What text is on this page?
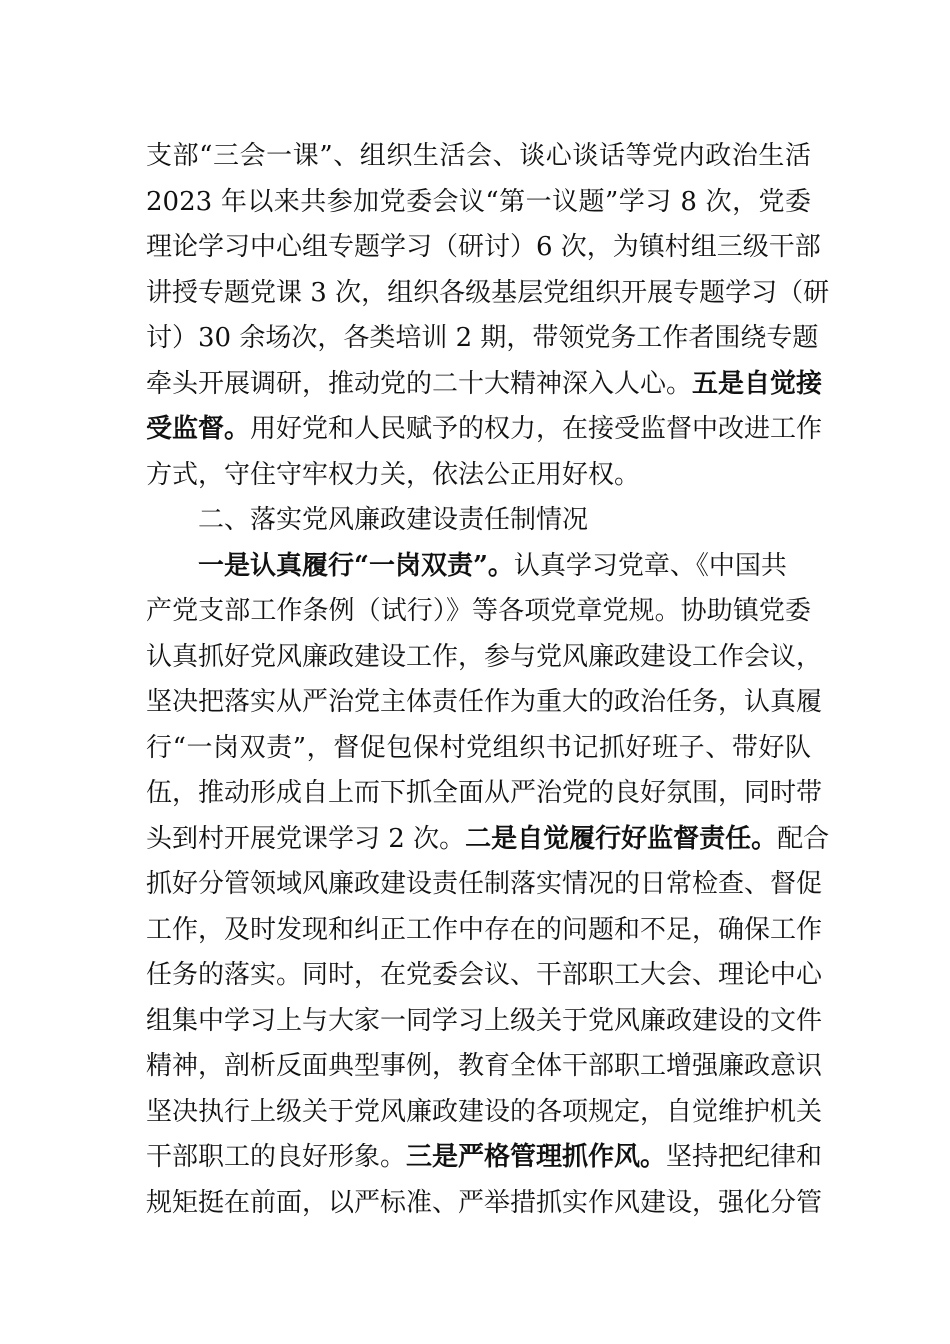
支部“三会一课”、组织生活会、谈心谈话等党内政治生活
2023 年以来共参加党委会议“第一议题”学习 8 次，党委
理论学习中心组专题学习（研讨）6 次，为镇村组三级干部
讲授专题党课 3 次，组织各级基层党组织开展专题学习（研
讨）30 余场次，各类培训 2 期，带领党务工作者围绕专题
牵头开展调研，推动党的二十大精神深入人心。五是自觉接
受监督。用好党和人民赋予的权力，在接受监督中改进工作
方式，守住守牢权力关，依法公正用好权。
二、落实党风廉政建设责任制情况
一是认真履行“一岗双责”。认真学习党章、《中国共
产党支部工作条例（试行）》等各项党章党规。协助镇党委
认真抓好党风廉政建设工作，参与党风廉政建设工作会议，
坚决把落实从严治党主体责任作为重大的政治任务，认真履
行“一岗双责”，督促包保村党组织书记抓好班子、带好队
伍，推动形成自上而下抓全面从严治党的良好氛围，同时带
头到村开展党课学习 2 次。二是自觉履行好监督责任。配合
抓好分管领域风廉政建设责任制落实情况的日常检查、督促
工作，及时发现和纠正工作中存在的问题和不足，确保工作
任务的落实。同时，在党委会议、干部职工大会、理论中心
组集中学习上与大家一同学习上级关于党风廉政建设的文件
精神，剖析反面典型事例，教育全体干部职工增强廉政意识
坚决执行上级关于党风廉政建设的各项规定，自觉维护机关
干部职工的良好形象。三是严格管理抓作风。坚持把纪律和
规矩挺在前面，以严标准、严举措抓实作风建设，强化分管
